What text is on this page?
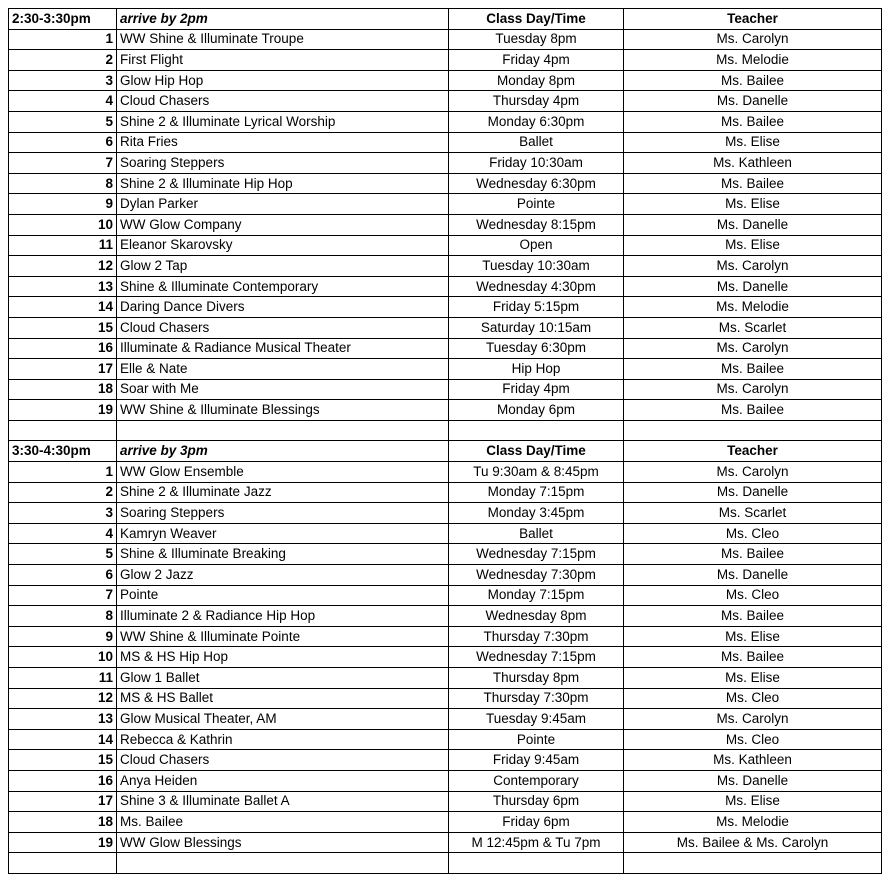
2:30-3:30pm	arrive by 2pm	Class Day/Time	Teacher
1	WW Shine & Illuminate Troupe	Tuesday 8pm	Ms. Carolyn
2	First Flight	Friday 4pm	Ms. Melodie
3	Glow Hip Hop	Monday 8pm	Ms. Bailee
4	Cloud Chasers	Thursday 4pm	Ms. Danelle
5	Shine 2 & Illuminate Lyrical Worship	Monday 6:30pm	Ms. Bailee
6	Rita Fries	Ballet	Ms. Elise
7	Soaring Steppers	Friday 10:30am	Ms. Kathleen
8	Shine 2 & Illuminate Hip Hop	Wednesday 6:30pm	Ms. Bailee
9	Dylan Parker	Pointe	Ms. Elise
10	WW Glow Company	Wednesday 8:15pm	Ms. Danelle
11	Eleanor Skarovsky	Open	Ms. Elise
12	Glow 2 Tap	Tuesday 10:30am	Ms. Carolyn
13	Shine & Illuminate Contemporary	Wednesday 4:30pm	Ms. Danelle
14	Daring Dance Divers	Friday 5:15pm	Ms. Melodie
15	Cloud Chasers	Saturday 10:15am	Ms. Scarlet
16	Illuminate & Radiance Musical Theater	Tuesday 6:30pm	Ms. Carolyn
17	Elle & Nate	Hip Hop	Ms. Bailee
18	Soar with Me	Friday 4pm	Ms. Carolyn
19	WW Shine & Illuminate Blessings	Monday 6pm	Ms. Bailee

3:30-4:30pm	arrive by 3pm	Class Day/Time	Teacher
1	WW Glow Ensemble	Tu 9:30am & 8:45pm	Ms. Carolyn
2	Shine 2 & Illuminate Jazz	Monday 7:15pm	Ms. Danelle
3	Soaring Steppers	Monday 3:45pm	Ms. Scarlet
4	Kamryn Weaver	Ballet	Ms. Cleo
5	Shine & Illuminate Breaking	Wednesday 7:15pm	Ms. Bailee
6	Glow 2 Jazz	Wednesday 7:30pm	Ms. Danelle
7	Pointe	Monday 7:15pm	Ms. Cleo
8	Illuminate 2 & Radiance Hip Hop	Wednesday 8pm	Ms. Bailee
9	WW Shine & Illuminate Pointe	Thursday 7:30pm	Ms. Elise
10	MS & HS Hip Hop	Wednesday 7:15pm	Ms. Bailee
11	Glow 1 Ballet	Thursday 8pm	Ms. Elise
12	MS & HS Ballet	Thursday 7:30pm	Ms. Cleo
13	Glow Musical Theater, AM	Tuesday 9:45am	Ms. Carolyn
14	Rebecca & Kathrin	Pointe	Ms. Cleo
15	Cloud Chasers	Friday 9:45am	Ms. Kathleen
16	Anya Heiden	Contemporary	Ms. Danelle
17	Shine 3 & Illuminate Ballet A	Thursday 6pm	Ms. Elise
18	Ms. Bailee	Friday 6pm	Ms. Melodie
19	WW Glow Blessings	M 12:45pm & Tu 7pm	Ms. Bailee & Ms. Carolyn
